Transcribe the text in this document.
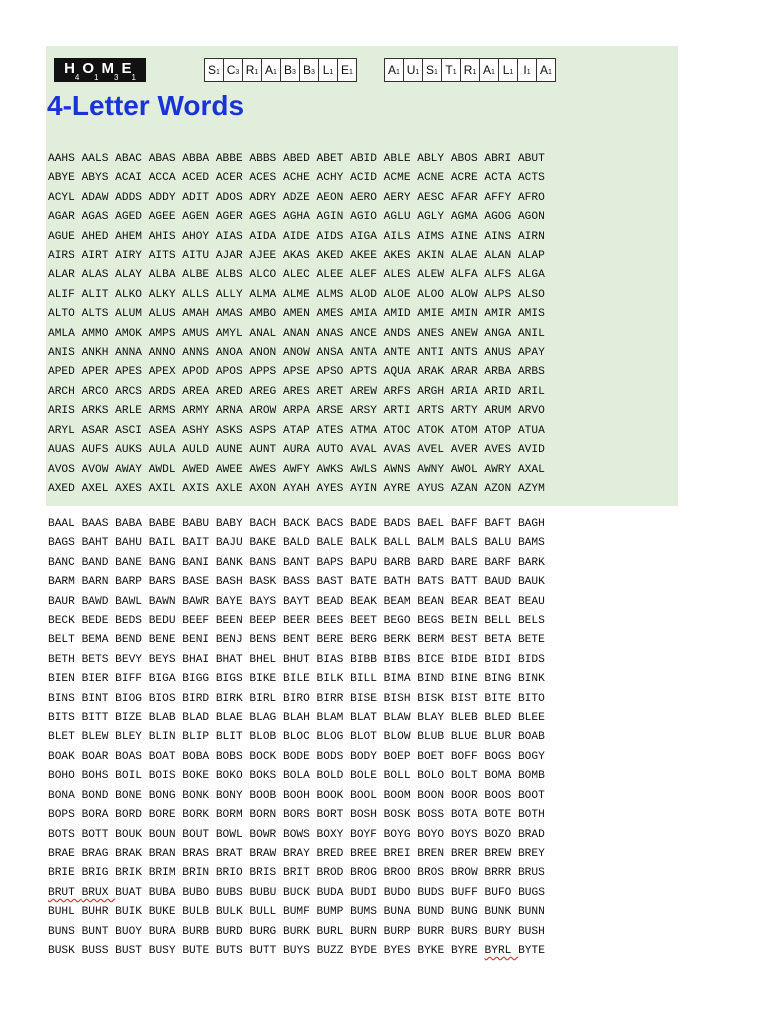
$H_4$
$O_1$
$M_3$
$E_1$
$S_1$ $C_3$ $R_1$ $A_1$ $B_3$ $B_3$ $L_1$ $E_1$	$A_1$ $U_1$ $S_1$ $T_1$ $R_1$ $A_1$ $L_1$ $I_1$ $A_1$
4-Letter Words
AAHS AALS ABAC ABAS ABBA ABBE ABBS ABED ABET ABID ABLE ABLY ABOS ABRI ABUT
ABYE ABYS ACAI ACCA ACED ACER ACES ACHE ACHY ACID ACME ACNE ACRE ACTA ACTS
ACYL ADAW ADDS ADDY ADIT ADOS ADRY ADZE AEON AERO AERY AESC AFAR AFFY AFRO
AGAR AGAS AGED AGEE AGEN AGER AGES AGHA AGIN AGIO AGLU AGLY AGMA AGOG AGON
AGUE AHED AHEM AHIS AHOY AIAS AIDA AIDE AIDS AIGA AILS AIMS AINE AINS AIRN
AIRS AIRT AIRY AITS AITU AJAR AJEE AKAS AKED AKEE AKES AKIN ALAE ALAN ALAP
ALAR ALAS ALAY ALBA ALBE ALBS ALCO ALEC ALEE ALEF ALES ALEW ALFA ALFS ALGA
ALIF ALIT ALKO ALKY ALLS ALLY ALMA ALME ALMS ALOD ALOE ALOO ALOW ALPS ALSO
ALTO ALTS ALUM ALUS AMAH AMAS AMBO AMEN AMES AMIA AMID AMIE AMIN AMIR AMIS
AMLA AMMO AMOK AMPS AMUS AMYL ANAL ANAN ANAS ANCE ANDS ANES ANEW ANGA ANIL
ANIS ANKH ANNA ANNO ANNS ANOA ANON ANOW ANSA ANTA ANTE ANTI ANTS ANUS APAY
APED APER APES APEX APOD APOS APPS APSE APSO APTS AQUA ARAK ARAR ARBA ARBS
ARCH ARCO ARCS ARDS AREA ARED AREG ARES ARET AREW ARFS ARGH ARIA ARID ARIL
ARIS ARKS ARLE ARMS ARMY ARNA AROW ARPA ARSE ARSY ARTI ARTS ARTY ARUM ARVO
ARYL ASAR ASCI ASEA ASHY ASKS ASPS ATAP ATES ATMA ATOC ATOK ATOM ATOP ATUA
AUAS AUFS AUKS AULA AULD AUNE AUNT AURA AUTO AVAL AVAS AVEL AVER AVES AVID
AVOS AVOW AWAY AWDL AWED AWEE AWES AWFY AWKS AWLS AWNS AWNY AWOL AWRY AXAL
AXED AXEL AXES AXIL AXIS AXLE AXON AYAH AYES AYIN AYRE AYUS AZAN AZON AZYM
BAAL BAAS BABA BABE BABU BABY BACH BACK BACS BADE BADS BAEL BAFF BAFT BAGH
BAGS BAHT BAHU BAIL BAIT BAJU BAKE BALD BALE BALK BALL BALM BALS BALU BAMS
BANC BAND BANE BANG BANI BANK BANS BANT BAPS BAPU BARB BARD BARE BARF BARK
BARM BARN BARP BARS BASE BASH BASK BASS BAST BATE BATH BATS BATT BAUD BAUK
BAUR BAWD BAWL BAWN BAWR BAYE BAYS BAYT BEAD BEAK BEAM BEAN BEAR BEAT BEAU
BECK BEDE BEDS BEDU BEEF BEEN BEEP BEER BEES BEET BEGO BEGS BEIN BELL BELS
BELT BEMA BEND BENE BENI BENJ BENS BENT BERE BERG BERK BERM BEST BETA BETE
BETH BETS BEVY BEYS BHAI BHAT BHEL BHUT BIAS BIBB BIBS BICE BIDE BIDI BIDS
BIEN BIER BIFF BIGA BIGG BIGS BIKE BILE BILK BILL BIMA BIND BINE BING BINK
BINS BINT BIOG BIOS BIRD BIRK BIRL BIRO BIRR BISE BISH BISK BIST BITE BITO
BITS BITT BIZE BLAB BLAD BLAE BLAG BLAH BLAM BLAT BLAW BLAY BLEB BLED BLEE
BLET BLEW BLEY BLIN BLIP BLIT BLOB BLOC BLOG BLOT BLOW BLUB BLUE BLUR BOAB
BOAK BOAR BOAS BOAT BOBA BOBS BOCK BODE BODS BODY BOEP BOET BOFF BOGS BOGY
BOHO BOHS BOIL BOIS BOKE BOKO BOKS BOLA BOLD BOLE BOLL BOLO BOLT BOMA BOMB
BONA BOND BONE BONG BONK BONY BOOB BOOH BOOK BOOL BOOM BOON BOOR BOOS BOOT
BOPS BORA BORD BORE BORK BORM BORN BORS BORT BOSH BOSK BOSS BOTA BOTE BOTH
BOTS BOTT BOUK BOUN BOUT BOWL BOWR BOWS BOXY BOYF BOYG BOYO BOYS BOZO BRAD
BRAE BRAG BRAK BRAN BRAS BRAT BRAW BRAY BRED BREE BREI BREN BRER BREW BREY
BRIE BRIG BRIK BRIM BRIN BRIO BRIS BRIT BROD BROG BROO BROS BROW BRRR BRUS
BRUT BRUX BUAT BUBA BUBO BUBS BUBU BUCK BUDA BUDI BUDO BUDS BUFF BUFO BUGS
BUHL BUHR BUIK BUKE BULB BULK BULL BUMF BUMP BUMS BUNA BUND BUNG BUNK BUNN
BUNS BUNT BUOY BURA BURB BURD BURG BURK BURL BURN BURP BURR BURS BURY BUSH
BUSK BUSS BUST BUSY BUTE BUTS BUTT BUYS BUZZ BYDE BYES BYKE BYRE BYRL BYTE
